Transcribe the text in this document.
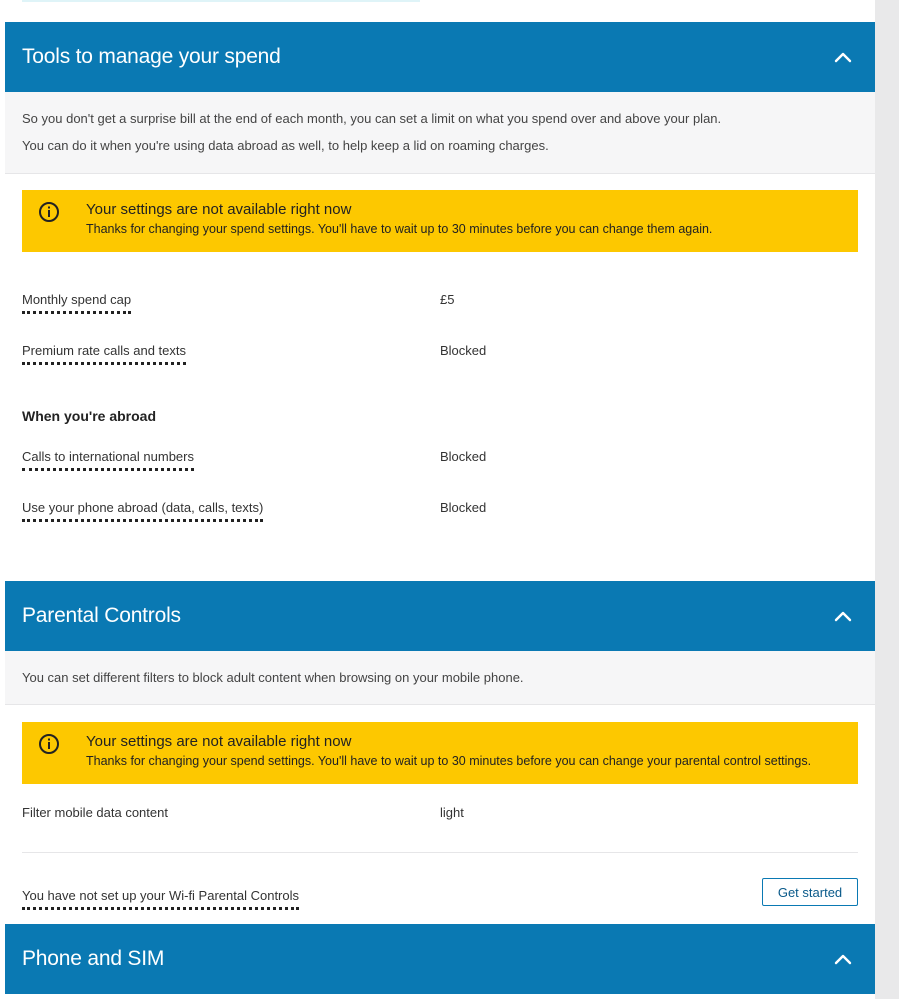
Tools to manage your spend

So you don't get a surprise bill at the end of each month, you can set a limit on what you spend over and above your plan.

You can do it when you're using data abroad as well, to help keep a lid on roaming charges.

Your settings are not available right now
Thanks for changing your spend settings. You'll have to wait up to 30 minutes before you can change them again.
Monthly spend cap	£5
Premium rate calls and texts	Blocked
When you're abroad
Calls to international numbers	Blocked
Use your phone abroad (data, calls, texts)	Blocked
Parental Controls

You can set different filters to block adult content when browsing on your mobile phone.

Your settings are not available right now
Thanks for changing your spend settings. You'll have to wait up to 30 minutes before you can change your parental control settings.
Filter mobile data content	light
You have not set up your Wi-fi Parental Controls	Get started
Phone and SIM
